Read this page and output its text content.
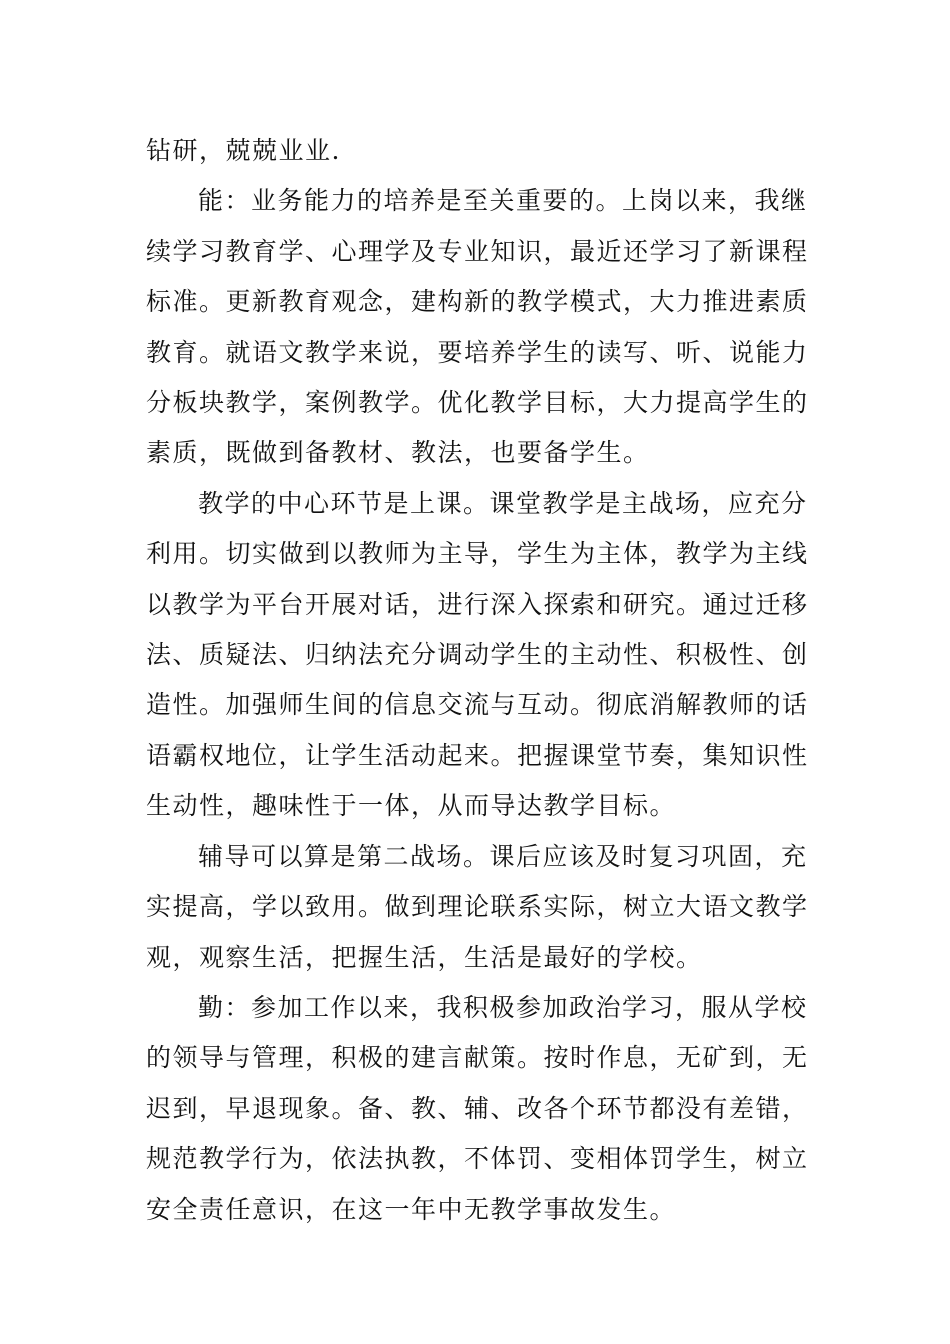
钻研，兢兢业业.

能：业务能力的培养是至关重要的。上岗以来，我继
续学习教育学、心理学及专业知识，最近还学习了新课程
标准。更新教育观念，建构新的教学模式，大力推进素质
教育。就语文教学来说，要培养学生的读写、听、说能力
分板块教学，案例教学。优化教学目标，大力提高学生的
素质，既做到备教材、教法，也要备学生。

教学的中心环节是上课。课堂教学是主战场，应充分
利用。切实做到以教师为主导，学生为主体，教学为主线
以教学为平台开展对话，进行深入探索和研究。通过迁移
法、质疑法、归纳法充分调动学生的主动性、积极性、创
造性。加强师生间的信息交流与互动。彻底消解教师的话
语霸权地位，让学生活动起来。把握课堂节奏，集知识性
生动性，趣味性于一体，从而导达教学目标。

辅导可以算是第二战场。课后应该及时复习巩固，充
实提高，学以致用。做到理论联系实际，树立大语文教学
观，观察生活，把握生活，生活是最好的学校。

勤：参加工作以来，我积极参加政治学习，服从学校
的领导与管理，积极的建言献策。按时作息，无矿到，无
迟到，早退现象。备、教、辅、改各个环节都没有差错，
规范教学行为，依法执教，不体罚、变相体罚学生，树立
安全责任意识，在这一年中无教学事故发生。
